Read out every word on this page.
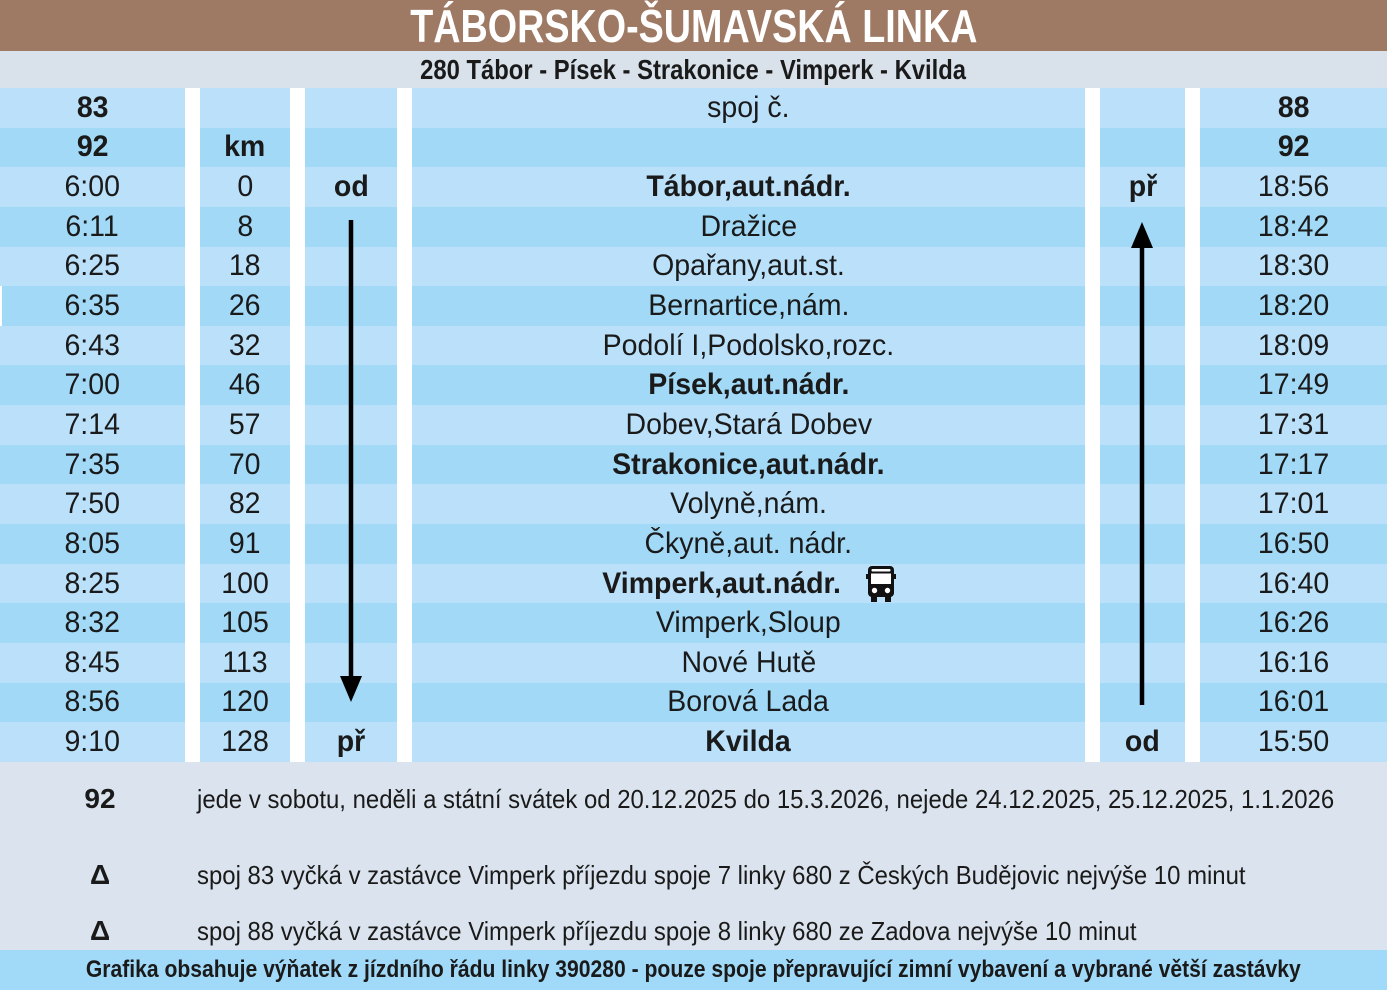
TÁBORSKO-ŠUMAVSKÁ LINKA
280 Tábor - Písek - Strakonice - Vimperk - Kvilda
83	spoj č.	88
92	km	92
6:00	0	od	Tábor,aut.nádr.	př	18:56
6:11	8	Dražice	18:42
6:25	18	Opařany,aut.st.	18:30
6:35	26	Bernartice,nám.	18:20
6:43	32	Podolí I,Podolsko,rozc.	18:09
7:00	46	Písek,aut.nádr.	17:49
7:14	57	Dobev,Stará Dobev	17:31
7:35	70	Strakonice,aut.nádr.	17:17
7:50	82	Volyně,nám.	17:01
8:05	91	Čkyně,aut. nádr.	16:50
8:25	100	Vimperk,aut.nádr.	16:40
8:32	105	Vimperk,Sloup	16:26
8:45	113	Nové Hutě	16:16
8:56	120	Borová Lada	16:01
9:10	128 př	Kvilda	od	15:50
92	jede v sobotu, neděli a státní svátek od 20.12.2025 do 15.3.2026, nejede 24.12.2025, 25.12.2025, 1.1.2026
Δ	spoj 83 vyčká v zastávce Vimperk příjezdu spoje 7 linky 680 z Českých Budějovic nejvýše 10 minut
Δ	spoj 88 vyčká v zastávce Vimperk příjezdu spoje 8 linky 680 ze Zadova nejvýše 10 minut
Grafika obsahuje výňatek z jízdního řádu linky 390280 - pouze spoje přepravující zimní vybavení a vybrané větší zastávky
